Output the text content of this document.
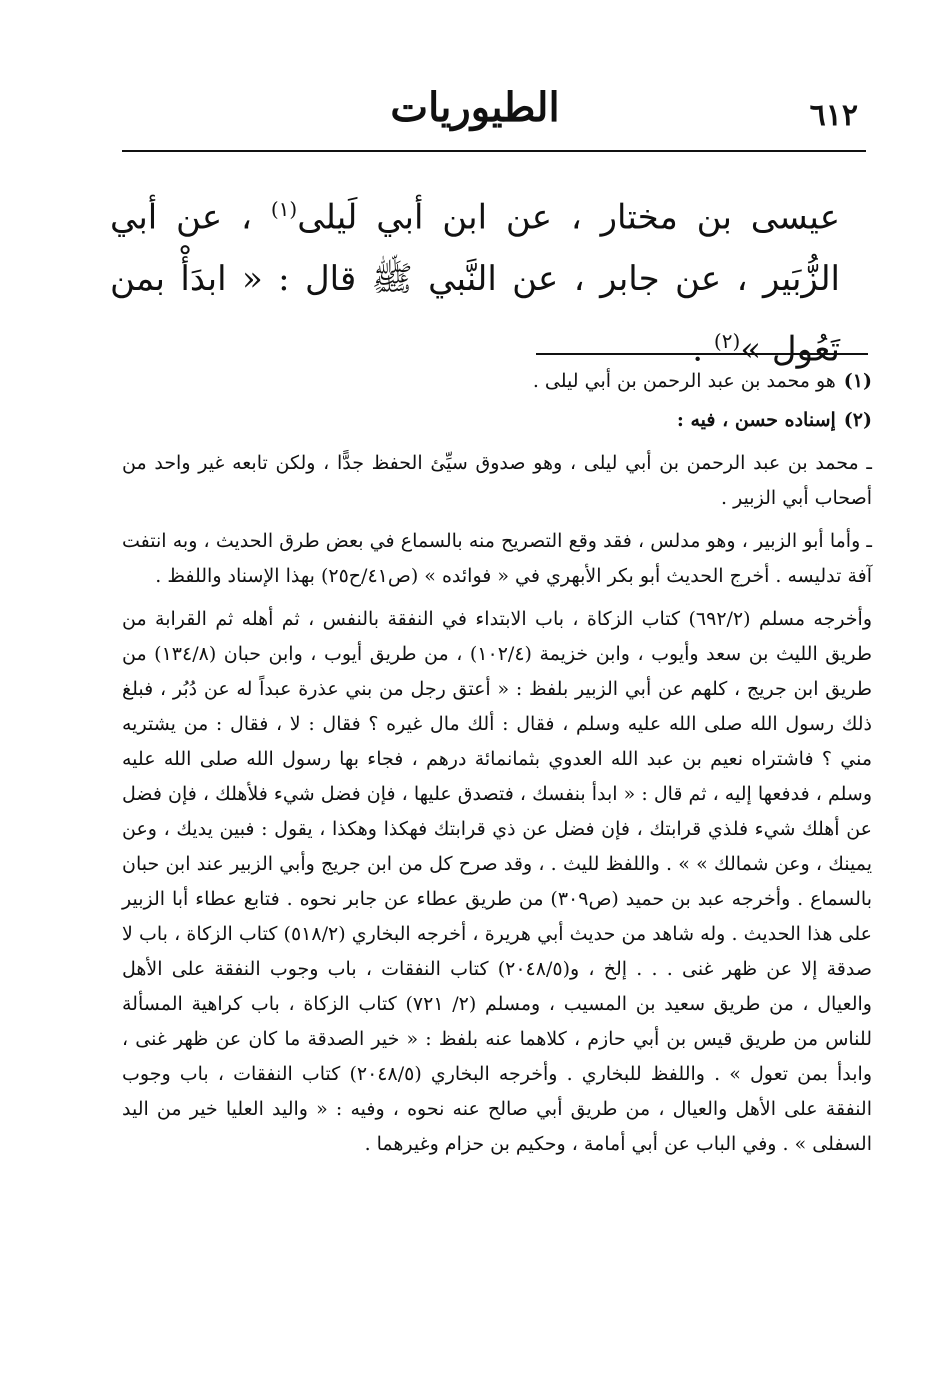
الطيوريات	٦١٢

عيسى بن مختار ، عن ابن أبي لَيلى$^{(١)}$ ، عن أبي الزُّبَير ، عن جابر ، عن النَّبي ﷺ قال : « ابدَأْ بمن تَعُول »$^{(٢)}$ .

(١)هو محمد بن عبد الرحمن بن أبي ليلى .

(٢)إسناده حسن ، فيه :

ـ محمد بن عبد الرحمن بن أبي ليلى ، وهو صدوق سيِّئ الحفظ جدًّا ، ولكن تابعه غير واحد من أصحاب أبي الزبير .

ـ وأما أبو الزبير ، وهو مدلس ، فقد وقع التصريح منه بالسماع في بعض طرق الحديث ، وبه انتفت آفة تدليسه . أخرج الحديث أبو بكر الأبهري في « فوائده » (ص٤١/ح٢٥) بهذا الإسناد واللفظ .

وأخرجه مسلم (٦٩٢/٢) كتاب الزكاة ، باب الابتداء في النفقة بالنفس ، ثم أهله ثم القرابة من طريق الليث بن سعد وأيوب ، وابن خزيمة (١٠٢/٤) ، من طريق أيوب ، وابن حبان (١٣٤/٨) من طريق ابن جريج ، كلهم عن أبي الزبير بلفظ : « أعتق رجل من بني عذرة عبداً له عن دُبُر ، فبلغ ذلك رسول الله صلى الله عليه وسلم ، فقال : ألك مال غيره ؟ فقال : لا ، فقال : من يشتريه مني ؟ فاشتراه نعيم بن عبد الله العدوي بثمانمائة درهم ، فجاء بها رسول الله صلى الله عليه وسلم ، فدفعها إليه ، ثم قال : « ابدأ بنفسك ، فتصدق عليها ، فإن فضل شيء فلأهلك ، فإن فضل عن أهلك شيء فلذي قرابتك ، فإن فضل عن ذي قرابتك فهكذا وهكذا ، يقول : فبين يديك ، وعن يمينك ، وعن شمالك » » . واللفظ لليث . ، وقد صرح كل من ابن جريج وأبي الزبير عند ابن حبان بالسماع . وأخرجه عبد بن حميد (ص٣٠٩) من طريق عطاء عن جابر نحوه . فتابع عطاء أبا الزبير على هذا الحديث . وله شاهد من حديث أبي هريرة ، أخرجه البخاري (٥١٨/٢) كتاب الزكاة ، باب لا صدقة إلا عن ظهر غنى . . . إلخ ، و(٢٠٤٨/٥) كتاب النفقات ، باب وجوب النفقة على الأهل والعيال ، من طريق سعيد بن المسيب ، ومسلم (٢/ ٧٢١) كتاب الزكاة ، باب كراهية المسألة للناس من طريق قيس بن أبي حازم ، كلاهما عنه بلفظ : « خير الصدقة ما كان عن ظهر غنى ، وابدأ بمن تعول » . واللفظ للبخاري . وأخرجه البخاري (٢٠٤٨/٥) كتاب النفقات ، باب وجوب النفقة على الأهل والعيال ، من طريق أبي صالح عنه نحوه ، وفيه : « واليد العليا خير من اليد السفلى » . وفي الباب عن أبي أمامة ، وحكيم بن حزام وغيرهما .
